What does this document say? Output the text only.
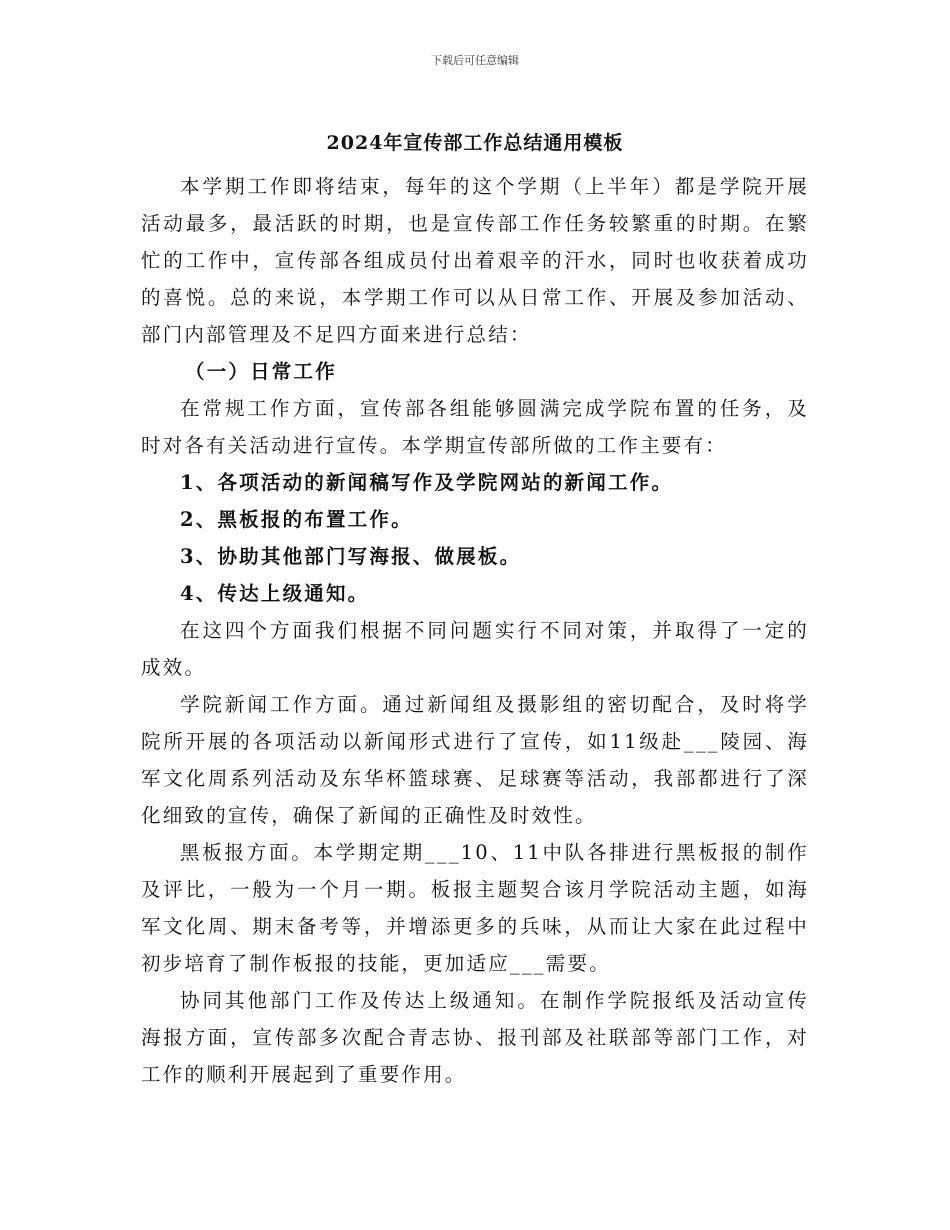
下载后可任意编辑
2024年宣传部工作总结通用模板

本学期工作即将结束，每年的这个学期（上半年）都是学院开展活动最多，最活跃的时期，也是宣传部工作任务较繁重的时期。在繁忙的工作中，宣传部各组成员付出着艰辛的汗水，同时也收获着成功的喜悦。总的来说，本学期工作可以从日常工作、开展及参加活动、部门内部管理及不足四方面来进行总结：

（一）日常工作

在常规工作方面，宣传部各组能够圆满完成学院布置的任务，及时对各有关活动进行宣传。本学期宣传部所做的工作主要有：

1、各项活动的新闻稿写作及学院网站的新闻工作。

2、黑板报的布置工作。

3、协助其他部门写海报、做展板。

4、传达上级通知。

在这四个方面我们根据不同问题实行不同对策，并取得了一定的成效。

学院新闻工作方面。通过新闻组及摄影组的密切配合，及时将学院所开展的各项活动以新闻形式进行了宣传，如11级赴___陵园、海军文化周系列活动及东华杯篮球赛、足球赛等活动，我部都进行了深化细致的宣传，确保了新闻的正确性及时效性。

黑板报方面。本学期定期___10、11中队各排进行黑板报的制作及评比，一般为一个月一期。板报主题契合该月学院活动主题，如海军文化周、期末备考等，并增添更多的兵味，从而让大家在此过程中初步培育了制作板报的技能，更加适应___需要。

协同其他部门工作及传达上级通知。在制作学院报纸及活动宣传海报方面，宣传部多次配合青志协、报刊部及社联部等部门工作，对工作的顺利开展起到了重要作用。
